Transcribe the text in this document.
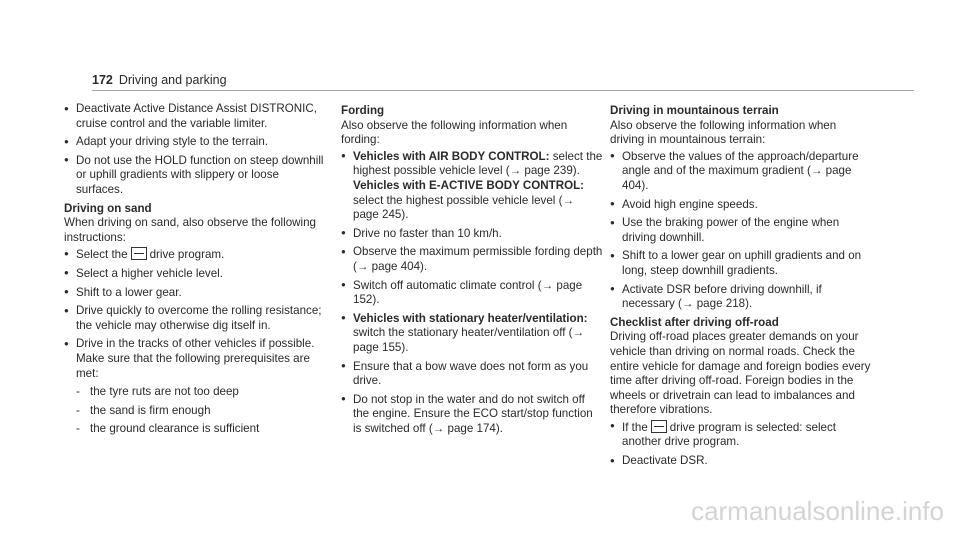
172 Driving and parking
● Deactivate Active Distance Assist DISTRONIC, cruise control and the variable limiter.
● Adapt your driving style to the terrain.
● Do not use the HOLD function on steep downhill or uphill gradients with slippery or loose surfaces.
Driving on sand
When driving on sand, also observe the following instructions:
● Select the drive program.
● Select a higher vehicle level.
● Shift to a lower gear.
● Drive quickly to overcome the rolling resistance; the vehicle may otherwise dig itself in.
● Drive in the tracks of other vehicles if possible. Make sure that the following prerequisites are met:
- the tyre ruts are not too deep
- the sand is firm enough
- the ground clearance is sufficient
Fording
Also observe the following information when fording:
● Vehicles with AIR BODY CONTROL: select the highest possible vehicle level (→ page 239).
Vehicles with E-ACTIVE BODY CONTROL: select the highest possible vehicle level (→ page 245).
● Drive no faster than 10 km/h.
● Observe the maximum permissible fording depth (→ page 404).
● Switch off automatic climate control (→ page 152).
● Vehicles with stationary heater/ventilation: switch the stationary heater/ventilation off (→ page 155).
● Ensure that a bow wave does not form as you drive.
● Do not stop in the water and do not switch off the engine. Ensure the ECO start/stop function is switched off (→ page 174).
Driving in mountainous terrain
Also observe the following information when driving in mountainous terrain:
● Observe the values of the approach/departure angle and of the maximum gradient (→ page 404).
● Avoid high engine speeds.
● Use the braking power of the engine when driving downhill.
● Shift to a lower gear on uphill gradients and on long, steep downhill gradients.
● Activate DSR before driving downhill, if necessary (→ page 218).
Checklist after driving off-road
Driving off-road places greater demands on your vehicle than driving on normal roads. Check the entire vehicle for damage and foreign bodies every time after driving off-road. Foreign bodies in the wheels or drivetrain can lead to imbalances and therefore vibrations.
● If the drive program is selected: select another drive program.
● Deactivate DSR.
carmanualsonline.info
